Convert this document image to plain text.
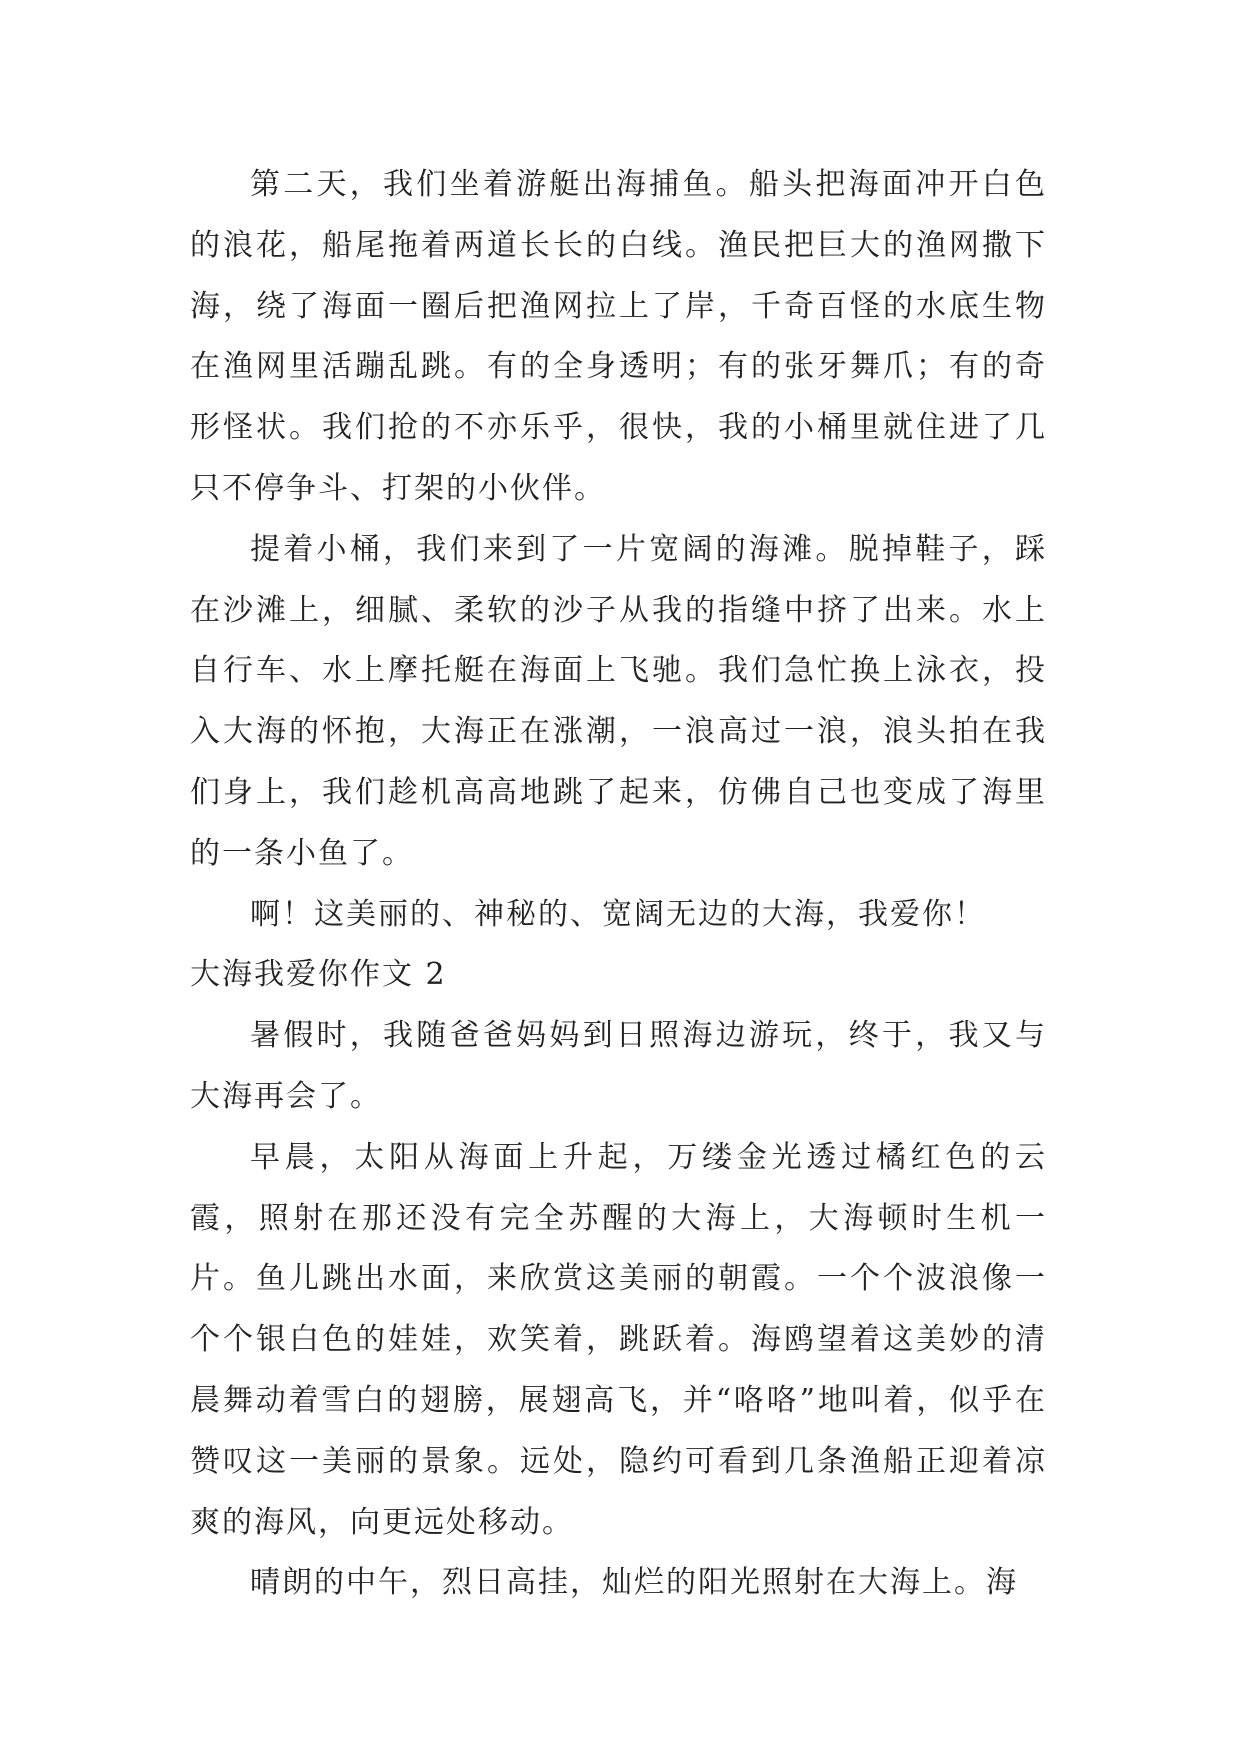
第二天，我们坐着游艇出海捕鱼。船头把海面冲开白色的浪花，船尾拖着两道长长的白线。渔民把巨大的渔网撒下海，绕了海面一圈后把渔网拉上了岸，千奇百怪的水底生物在渔网里活蹦乱跳。有的全身透明；有的张牙舞爪；有的奇形怪状。我们抢的不亦乐乎，很快，我的小桶里就住进了几只不停争斗、打架的小伙伴。

提着小桶，我们来到了一片宽阔的海滩。脱掉鞋子，踩在沙滩上，细腻、柔软的沙子从我的指缝中挤了出来。水上自行车、水上摩托艇在海面上飞驰。我们急忙换上泳衣，投入大海的怀抱，大海正在涨潮，一浪高过一浪，浪头拍在我们身上，我们趁机高高地跳了起来，仿佛自己也变成了海里的一条小鱼了。

啊！这美丽的、神秘的、宽阔无边的大海，我爱你！

大海我爱你作文 2

暑假时，我随爸爸妈妈到日照海边游玩，终于，我又与大海再会了。

早晨，太阳从海面上升起，万缕金光透过橘红色的云霞，照射在那还没有完全苏醒的大海上，大海顿时生机一片。鱼儿跳出水面，来欣赏这美丽的朝霞。一个个波浪像一个个银白色的娃娃，欢笑着，跳跃着。海鸥望着这美妙的清晨舞动着雪白的翅膀，展翅高飞，并“咯咯”地叫着，似乎在赞叹这一美丽的景象。远处，隐约可看到几条渔船正迎着凉爽的海风，向更远处移动。

晴朗的中午，烈日高挂，灿烂的阳光照射在大海上。海
